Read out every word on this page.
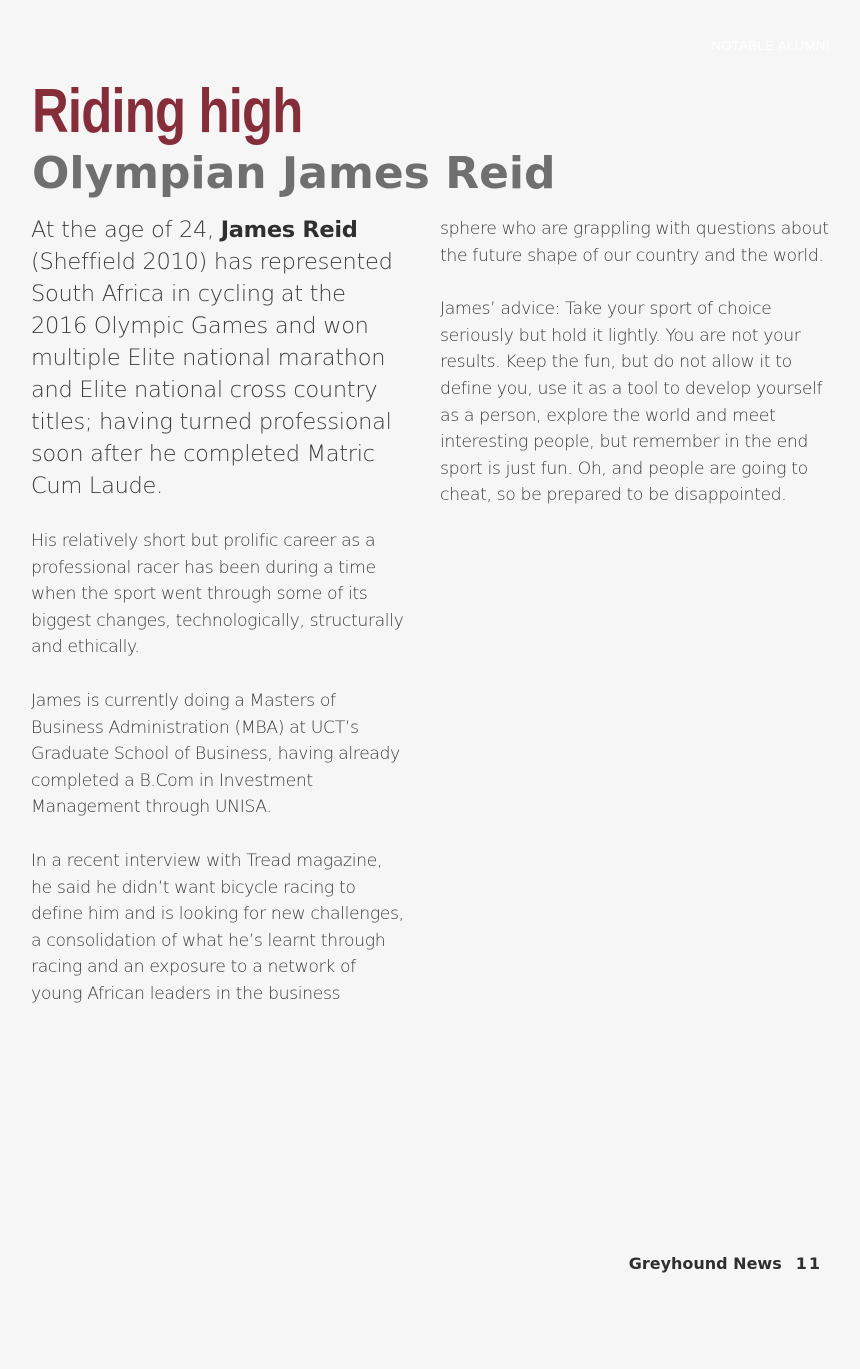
NOTABLE ALUMNI
Riding high
Olympian James Reid

At the age of 24, James Reid (Sheffield 2010) has represented South Africa in cycling at the 2016 Olympic Games and won multiple Elite national marathon and Elite national cross country titles; having turned professional soon after he completed Matric Cum Laude.

His relatively short but prolific career as a professional racer has been during a time when the sport went through some of its biggest changes, technologically, structurally and ethically.

James is currently doing a Masters of Business Administration (MBA) at UCT’s Graduate School of Business, having already completed a B.Com in Investment Management through UNISA.

In a recent interview with Tread magazine, he said he didn’t want bicycle racing to define him and is looking for new challenges, a consolidation of what he’s learnt through racing and an exposure to a network of young African leaders in the business

sphere who are grappling with questions about the future shape of our country and the world.

James’ advice: Take your sport of choice seriously but hold it lightly. You are not your results. Keep the fun, but do not allow it to define you, use it as a tool to develop yourself as a person, explore the world and meet interesting people, but remember in the end sport is just fun. Oh, and people are going to cheat, so be prepared to be disappointed.

Greyhound News 11
